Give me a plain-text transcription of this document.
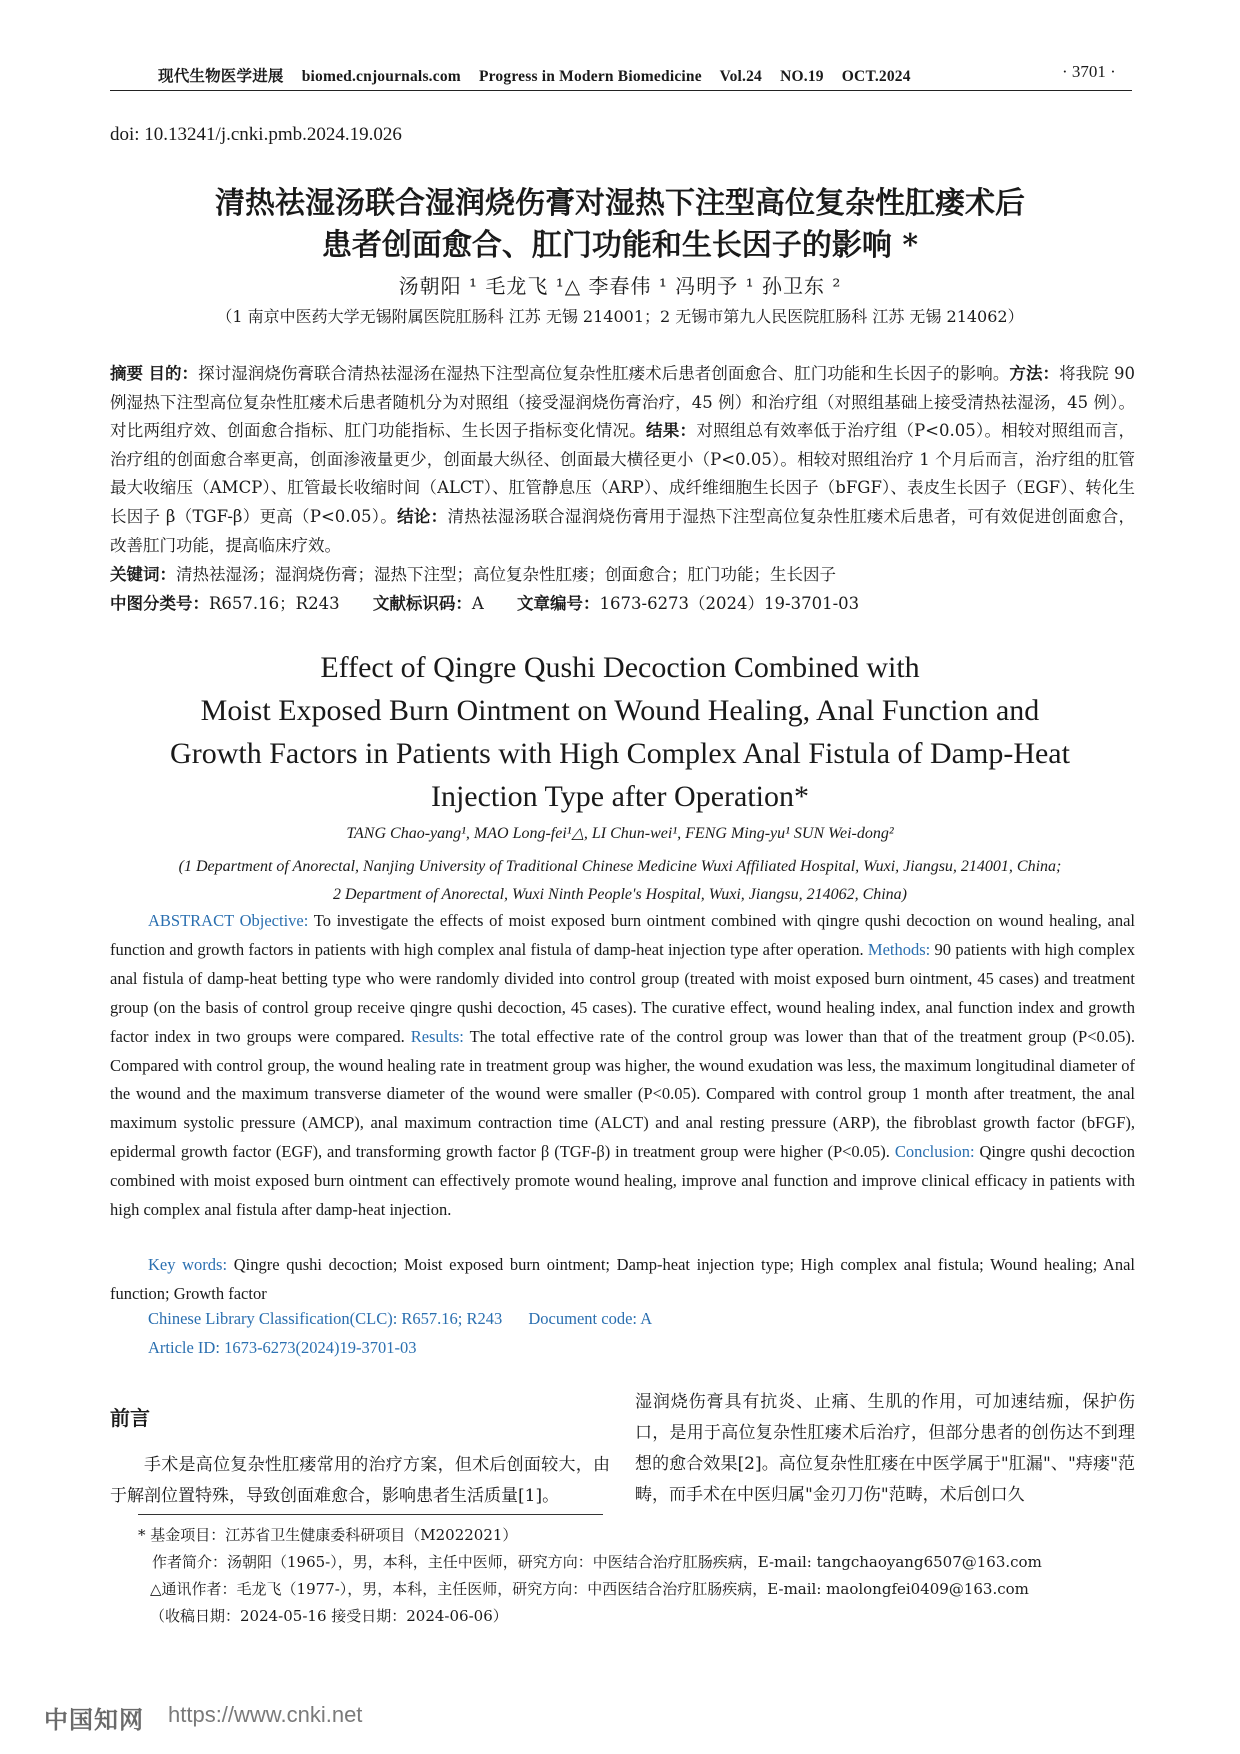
现代生物医学进展 biomed.cnjournals.com Progress in Modern Biomedicine Vol.24 NO.19 OCT.2024	· 3701 ·
doi: 10.13241/j.cnki.pmb.2024.19.026
清热祛湿汤联合湿润烧伤膏对湿热下注型高位复杂性肛瘘术后
患者创面愈合、肛门功能和生长因子的影响 *
汤朝阳 ¹ 毛龙飞 ¹△ 李春伟 ¹ 冯明予 ¹ 孙卫东 ²
（1 南京中医药大学无锡附属医院肛肠科 江苏 无锡 214001；2 无锡市第九人民医院肛肠科 江苏 无锡 214062）
摘要 目的：探讨湿润烧伤膏联合清热祛湿汤在湿热下注型高位复杂性肛瘘术后患者创面愈合、肛门功能和生长因子的影响。方法：将我院 90 例湿热下注型高位复杂性肛瘘术后患者随机分为对照组（接受湿润烧伤膏治疗，45 例）和治疗组（对照组基础上接受清热祛湿汤，45 例）。对比两组疗效、创面愈合指标、肛门功能指标、生长因子指标变化情况。结果：对照组总有效率低于治疗组（P<0.05）。相较对照组而言，治疗组的创面愈合率更高，创面渗液量更少，创面最大纵径、创面最大横径更小（P<0.05）。相较对照组治疗 1 个月后而言，治疗组的肛管最大收缩压（AMCP）、肛管最长收缩时间（ALCT）、肛管静息压（ARP）、成纤维细胞生长因子（bFGF）、表皮生长因子（EGF）、转化生长因子 β（TGF-β）更高（P<0.05）。结论：清热祛湿汤联合湿润烧伤膏用于湿热下注型高位复杂性肛瘘术后患者，可有效促进创面愈合，改善肛门功能，提高临床疗效。
关键词：清热祛湿汤；湿润烧伤膏；湿热下注型；高位复杂性肛瘘；创面愈合；肛门功能；生长因子
中图分类号：R657.16；R243 文献标识码：A 文章编号：1673-6273（2024）19-3701-03
Effect of Qingre Qushi Decoction Combined with
Moist Exposed Burn Ointment on Wound Healing, Anal Function and
Growth Factors in Patients with High Complex Anal Fistula of Damp-Heat
Injection Type after Operation*
TANG Chao-yang¹, MAO Long-fei¹△, LI Chun-wei¹, FENG Ming-yu¹ SUN Wei-dong²
(1 Department of Anorectal, Nanjing University of Traditional Chinese Medicine Wuxi Affiliated Hospital, Wuxi, Jiangsu, 214001, China;
2 Department of Anorectal, Wuxi Ninth People's Hospital, Wuxi, Jiangsu, 214062, China)
ABSTRACT Objective: To investigate the effects of moist exposed burn ointment combined with qingre qushi decoction on wound healing, anal function and growth factors in patients with high complex anal fistula of damp-heat injection type after operation. Methods: 90 patients with high complex anal fistula of damp-heat betting type who were randomly divided into control group (treated with moist exposed burn ointment, 45 cases) and treatment group (on the basis of control group receive qingre qushi decoction, 45 cases). The curative effect, wound healing index, anal function index and growth factor index in two groups were compared. Results: The total effective rate of the control group was lower than that of the treatment group (P<0.05). Compared with control group, the wound healing rate in treatment group was higher, the wound exudation was less, the maximum longitudinal diameter of the wound and the maximum transverse diameter of the wound were smaller (P<0.05). Compared with control group 1 month after treatment, the anal maximum systolic pressure (AMCP), anal maximum contraction time (ALCT) and anal resting pressure (ARP), the fibroblast growth factor (bFGF), epidermal growth factor (EGF), and transforming growth factor β (TGF-β) in treatment group were higher (P<0.05). Conclusion: Qingre qushi decoction combined with moist exposed burn ointment can effectively promote wound healing, improve anal function and improve clinical efficacy in patients with high complex anal fistula after damp-heat injection.
Key words: Qingre qushi decoction; Moist exposed burn ointment; Damp-heat injection type; High complex anal fistula; Wound healing; Anal function; Growth factor
Chinese Library Classification(CLC): R657.16; R243 Document code: A
Article ID: 1673-6273(2024)19-3701-03
前言
手术是高位复杂性肛瘘常用的治疗方案，但术后创面较大，由于解剖位置特殊，导致创面难愈合，影响患者生活质量[1]。
湿润烧伤膏具有抗炎、止痛、生肌的作用，可加速结痂，保护伤口，是用于高位复杂性肛瘘术后治疗，但部分患者的创伤达不到理想的愈合效果[2]。高位复杂性肛瘘在中医学属于"肛漏"、"痔瘘"范畴，而手术在中医归属"金刃刀伤"范畴，术后创口久
* 基金项目：江苏省卫生健康委科研项目（M2022021）
作者简介：汤朝阳（1965-），男，本科，主任中医师，研究方向：中医结合治疗肛肠疾病，E-mail: tangchaoyang6507@163.com
△通讯作者：毛龙飞（1977-），男，本科，主任医师，研究方向：中西医结合治疗肛肠疾病，E-mail: maolongfei0409@163.com
（收稿日期：2024-05-16 接受日期：2024-06-06）
中国知网 https://www.cnki.net
